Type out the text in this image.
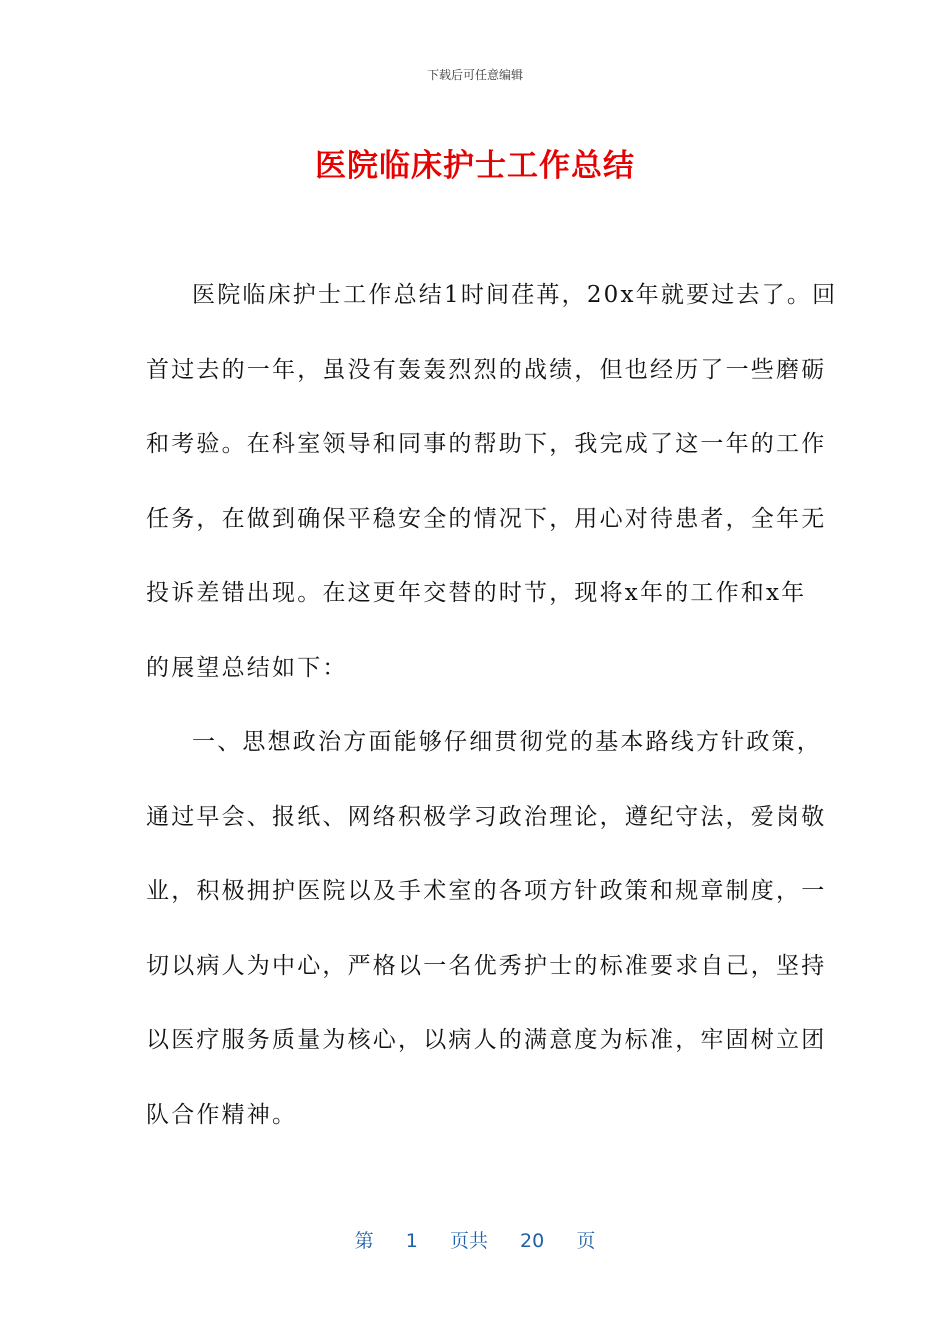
下载后可任意编辑
医院临床护士工作总结
医院临床护士工作总结1时间荏苒，20x年就要过去了。回
首过去的一年，虽没有轰轰烈烈的战绩，但也经历了一些磨砺
和考验。在科室领导和同事的帮助下，我完成了这一年的工作
任务，在做到确保平稳安全的情况下，用心对待患者，全年无
投诉差错出现。在这更年交替的时节，现将x年的工作和x年
的展望总结如下：
一、思想政治方面能够仔细贯彻党的基本路线方针政策，
通过早会、报纸、网络积极学习政治理论，遵纪守法，爱岗敬
业，积极拥护医院以及手术室的各项方针政策和规章制度，一
切以病人为中心，严格以一名优秀护士的标准要求自己，坚持
以医疗服务质量为核心，以病人的满意度为标准，牢固树立团
队合作精神。
第 1 页共 20 页
